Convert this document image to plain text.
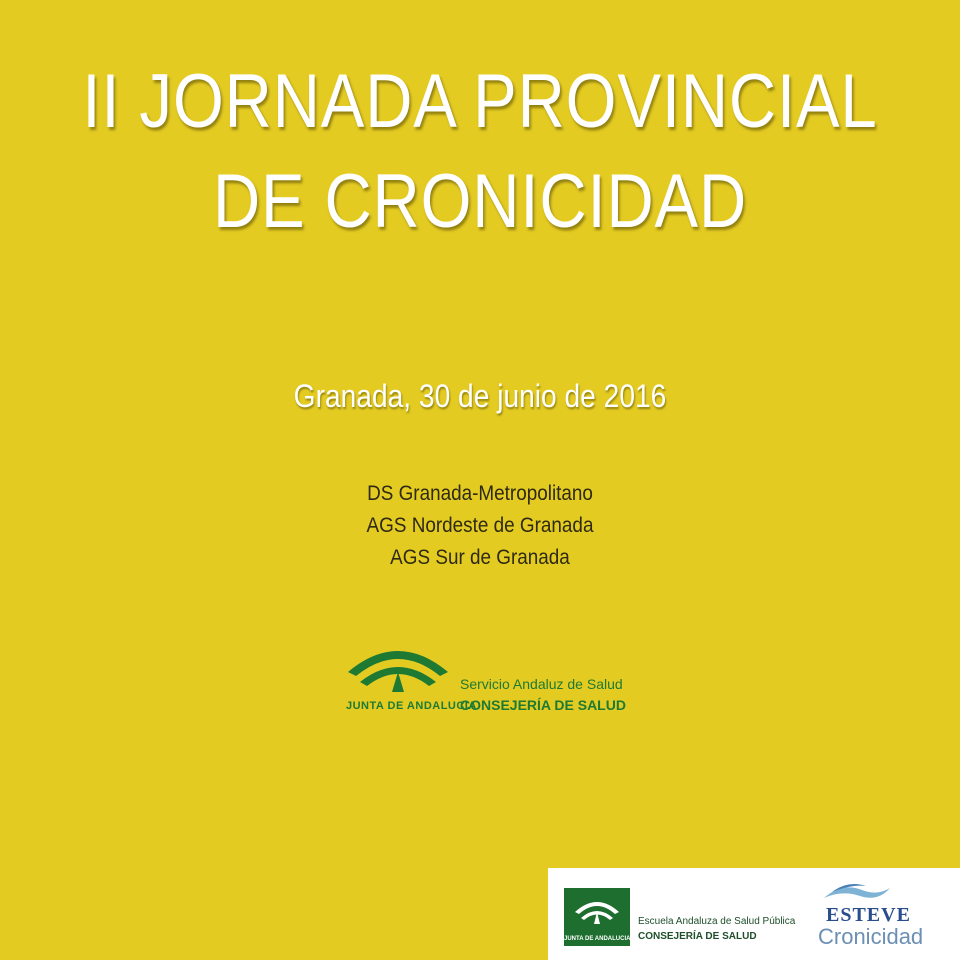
II JORNADA PROVINCIAL
DE CRONICIDAD
Granada, 30 de junio de 2016
DS Granada-Metropolitano
AGS Nordeste de Granada
AGS Sur de Granada
JUNTA DE ANDALUCIA
Servicio Andaluz de Salud
CONSEJERÍA DE SALUD
JUNTA DE ANDALUCIA
Escuela Andaluza de Salud Pública
CONSEJERÍA DE SALUD
ESTEVE
Cronicidad
